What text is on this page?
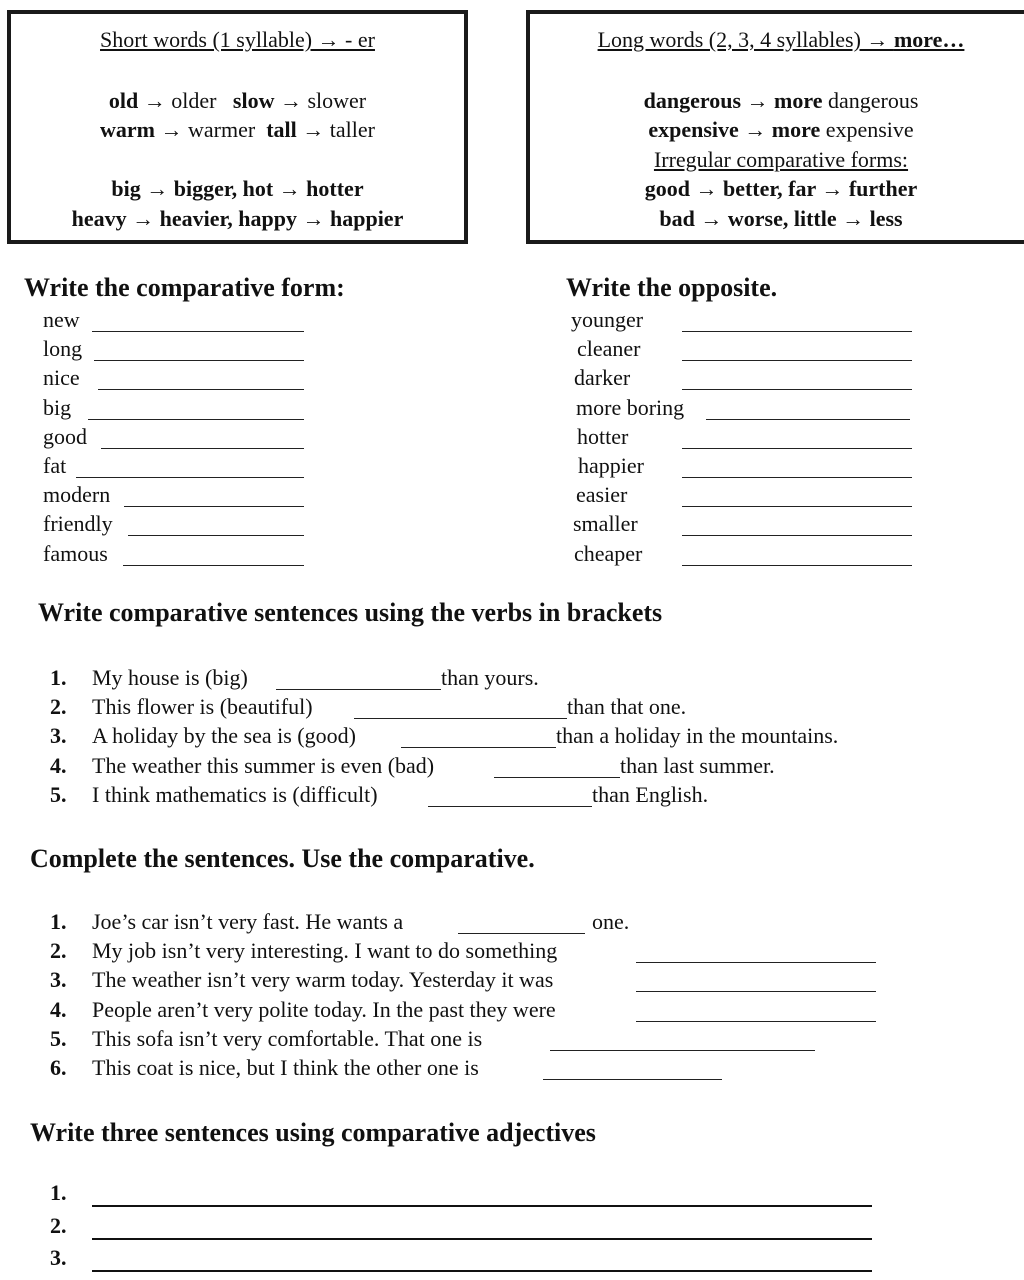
Short words (1 syllable) → - er
old → older   slow → slower
warm → warmer  tall → taller
big → bigger, hot → hotter
heavy → heavier, happy → happier
Long words (2, 3, 4 syllables) → more…
dangerous → more dangerous
expensive → more expensive
Irregular comparative forms:
good → better, far → further
bad → worse, little → less
Write the comparative form:
new
long
nice
big
good
fat
modern
friendly
famous
Write the opposite.
younger
cleaner
darker
more boring
hotter
happier
easier
smaller
cheaper
Write comparative sentences using the verbs in brackets
1. My house is (big)	than yours.
2. This flower is (beautiful)	than that one.
3. A holiday by the sea is (good)	than a holiday in the mountains.
4. The weather this summer is even (bad)	than last summer.
5. I think mathematics is (difficult)	than English.
Complete the sentences. Use the comparative.
1. Joe’s car isn’t very fast. He wants a	one.
2. My job isn’t very interesting. I want to do something
3. The weather isn’t very warm today. Yesterday it was
4. People aren’t very polite today. In the past they were
5. This sofa isn’t very comfortable. That one is
6. This coat is nice, but I think the other one is
Write three sentences using comparative adjectives
1.
2.
3.
